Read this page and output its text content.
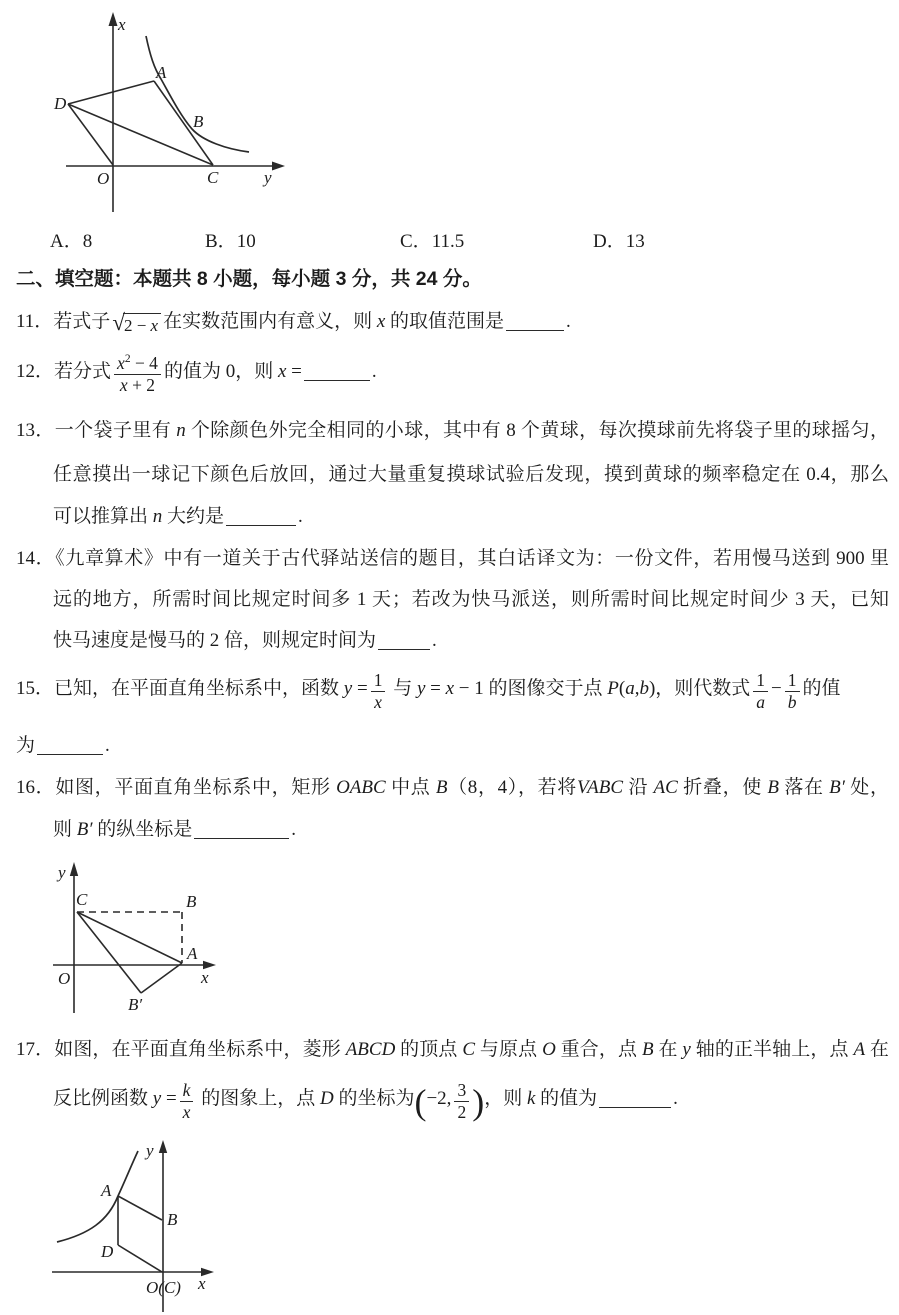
x
y
O
A
B
C
D
A．8	B．10	C．11.5	D．13
二、填空题：本题共 8 小题，每小题 3 分，共 24 分。
11．若式子 √ 2 − x 在实数范围内有意义，则 x 的取值范围是	.
12．若分式 $\frac{x^2 - 4}{x + 2}$ 的值为 0，则 x =	.
13．一个袋子里有 n 个除颜色外完全相同的小球，其中有 8 个黄球，每次摸球前先将袋子里的球摇匀，
任意摸出一球记下颜色后放回，通过大量重复摸球试验后发现，摸到黄球的频率稳定在 0.4，那么
可以推算出 n 大约是	.
14．《九章算术》中有一道关于古代驿站送信的题目，其白话译文为：一份文件，若用慢马送到 900 里
远的地方，所需时间比规定时间多 1 天；若改为快马派送，则所需时间比规定时间少 3 天，已知
快马速度是慢马的 2 倍，则规定时间为	.
15．已知，在平面直角坐标系中，函数 $y = \frac{1}{x}$ 与 y = x − 1 的图像交于点 P(a,b)，则代数式 $\frac{1}{a} - \frac{1}{b}$ 的值
为	.
16．如图，平面直角坐标系中，矩形 OABC 中点 B（8，4），若将VABC 沿 AC 折叠，使 B 落在 B′ 处，
则 B′ 的纵坐标是	.
y
x
O
C	B
A
B′
17．如图，在平面直角坐标系中，菱形 ABCD 的顶点 C 与原点 O 重合，点 B 在 y 轴的正半轴上，点 A 在
反比例函数 $y = \frac{k}{x}$ 的图象上，点 D 的坐标为(−2, $\frac{3}{2}$ )，则 k 的值为	.
y
x
O(C)
A
B
D
